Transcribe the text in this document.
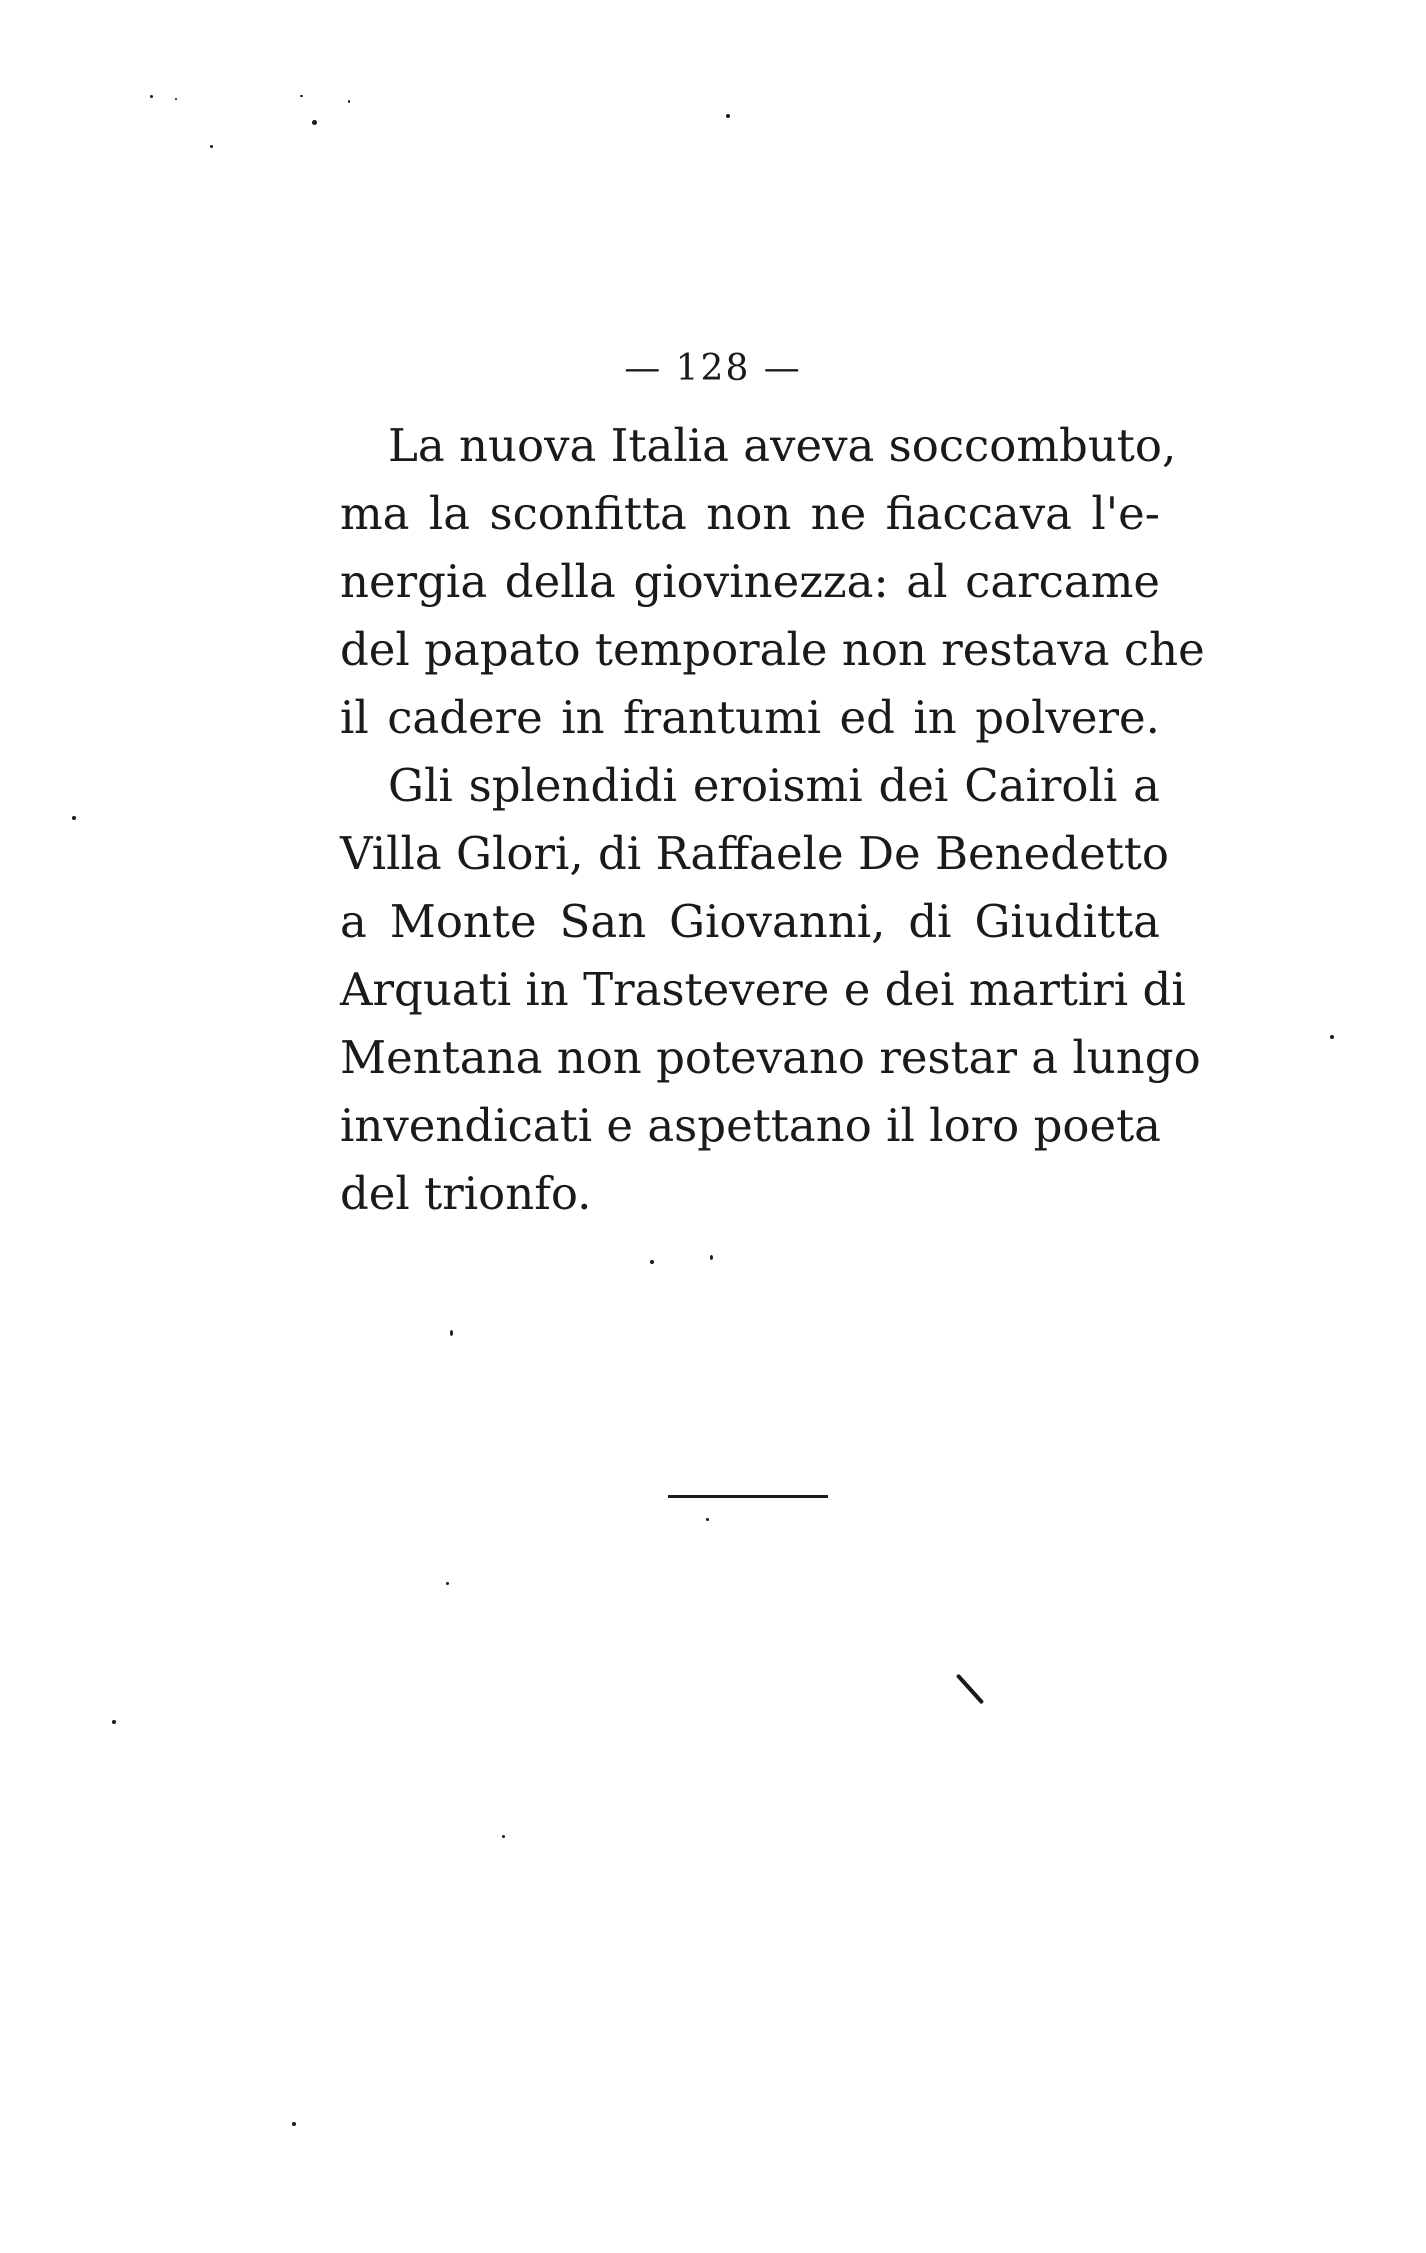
— 128 —
La nuova Italia aveva soccombuto,
ma la sconfitta non ne fiaccava l'e-
nergia della giovinezza: al carcame
del papato temporale non restava che
il cadere in frantumi ed in polvere.
Gli splendidi eroismi dei Cairoli a
Villa Glori, di Raffaele De Benedetto
a Monte San Giovanni, di Giuditta
Arquati in Trastevere e dei martiri di
Mentana non potevano restar a lungo
invendicati e aspettano il loro poeta
del trionfo.
